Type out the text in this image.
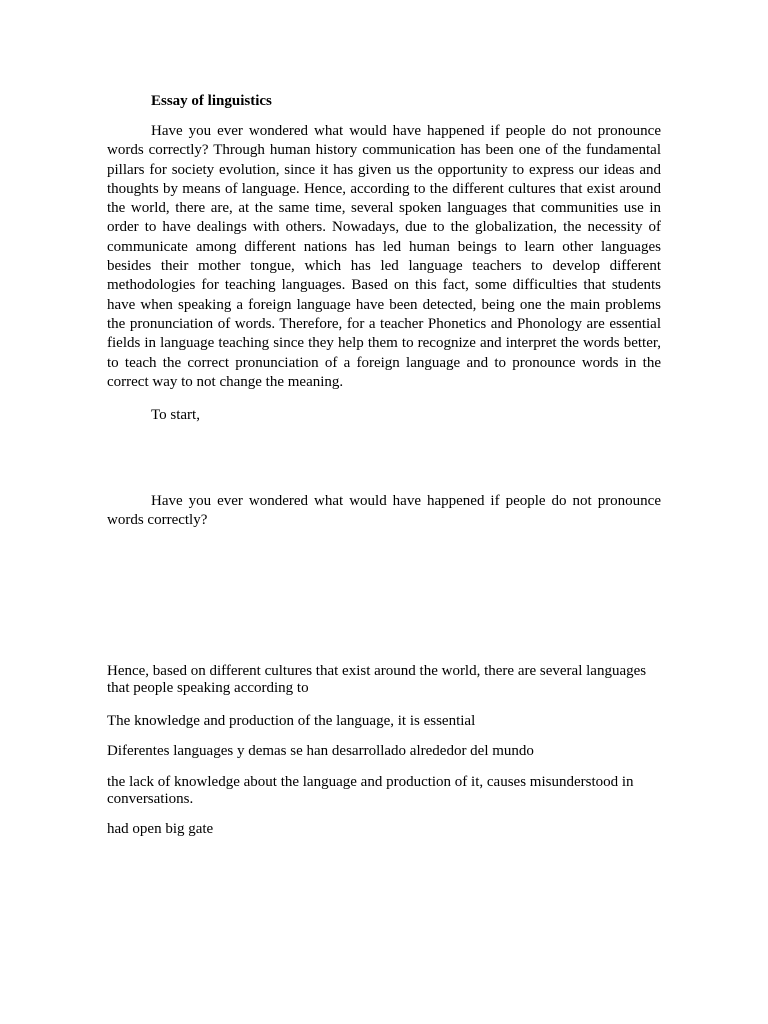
Essay of linguistics

Have you ever wondered what would have happened if people do not pronounce words correctly? Through human history communication has been one of the fundamental pillars for society evolution, since it has given us the opportunity to express our ideas and thoughts by means of language. Hence, according to the different cultures that exist around the world, there are, at the same time, several spoken languages that communities use in order to have dealings with others. Nowadays, due to the globalization, the necessity of communicate among different nations has led human beings to learn other languages besides their mother tongue, which has led language teachers to develop different methodologies for teaching languages. Based on this fact, some difficulties that students have when speaking a foreign language have been detected, being one the main problems the pronunciation of words. Therefore, for a teacher Phonetics and Phonology are essential fields in language teaching since they help them to recognize and interpret the words better, to teach the correct pronunciation of a foreign language and to pronounce words in the correct way to not change the meaning.

To start,

Have you ever wondered what would have happened if people do not pronounce words correctly?

Hence, based on different cultures that exist around the world, there are several languages that people speaking according to

The knowledge and production of the language, it is essential

Diferentes languages y demas se han desarrollado alrededor del mundo

the lack of knowledge about the language and production of it, causes misunderstood in conversations.

had open big gate
